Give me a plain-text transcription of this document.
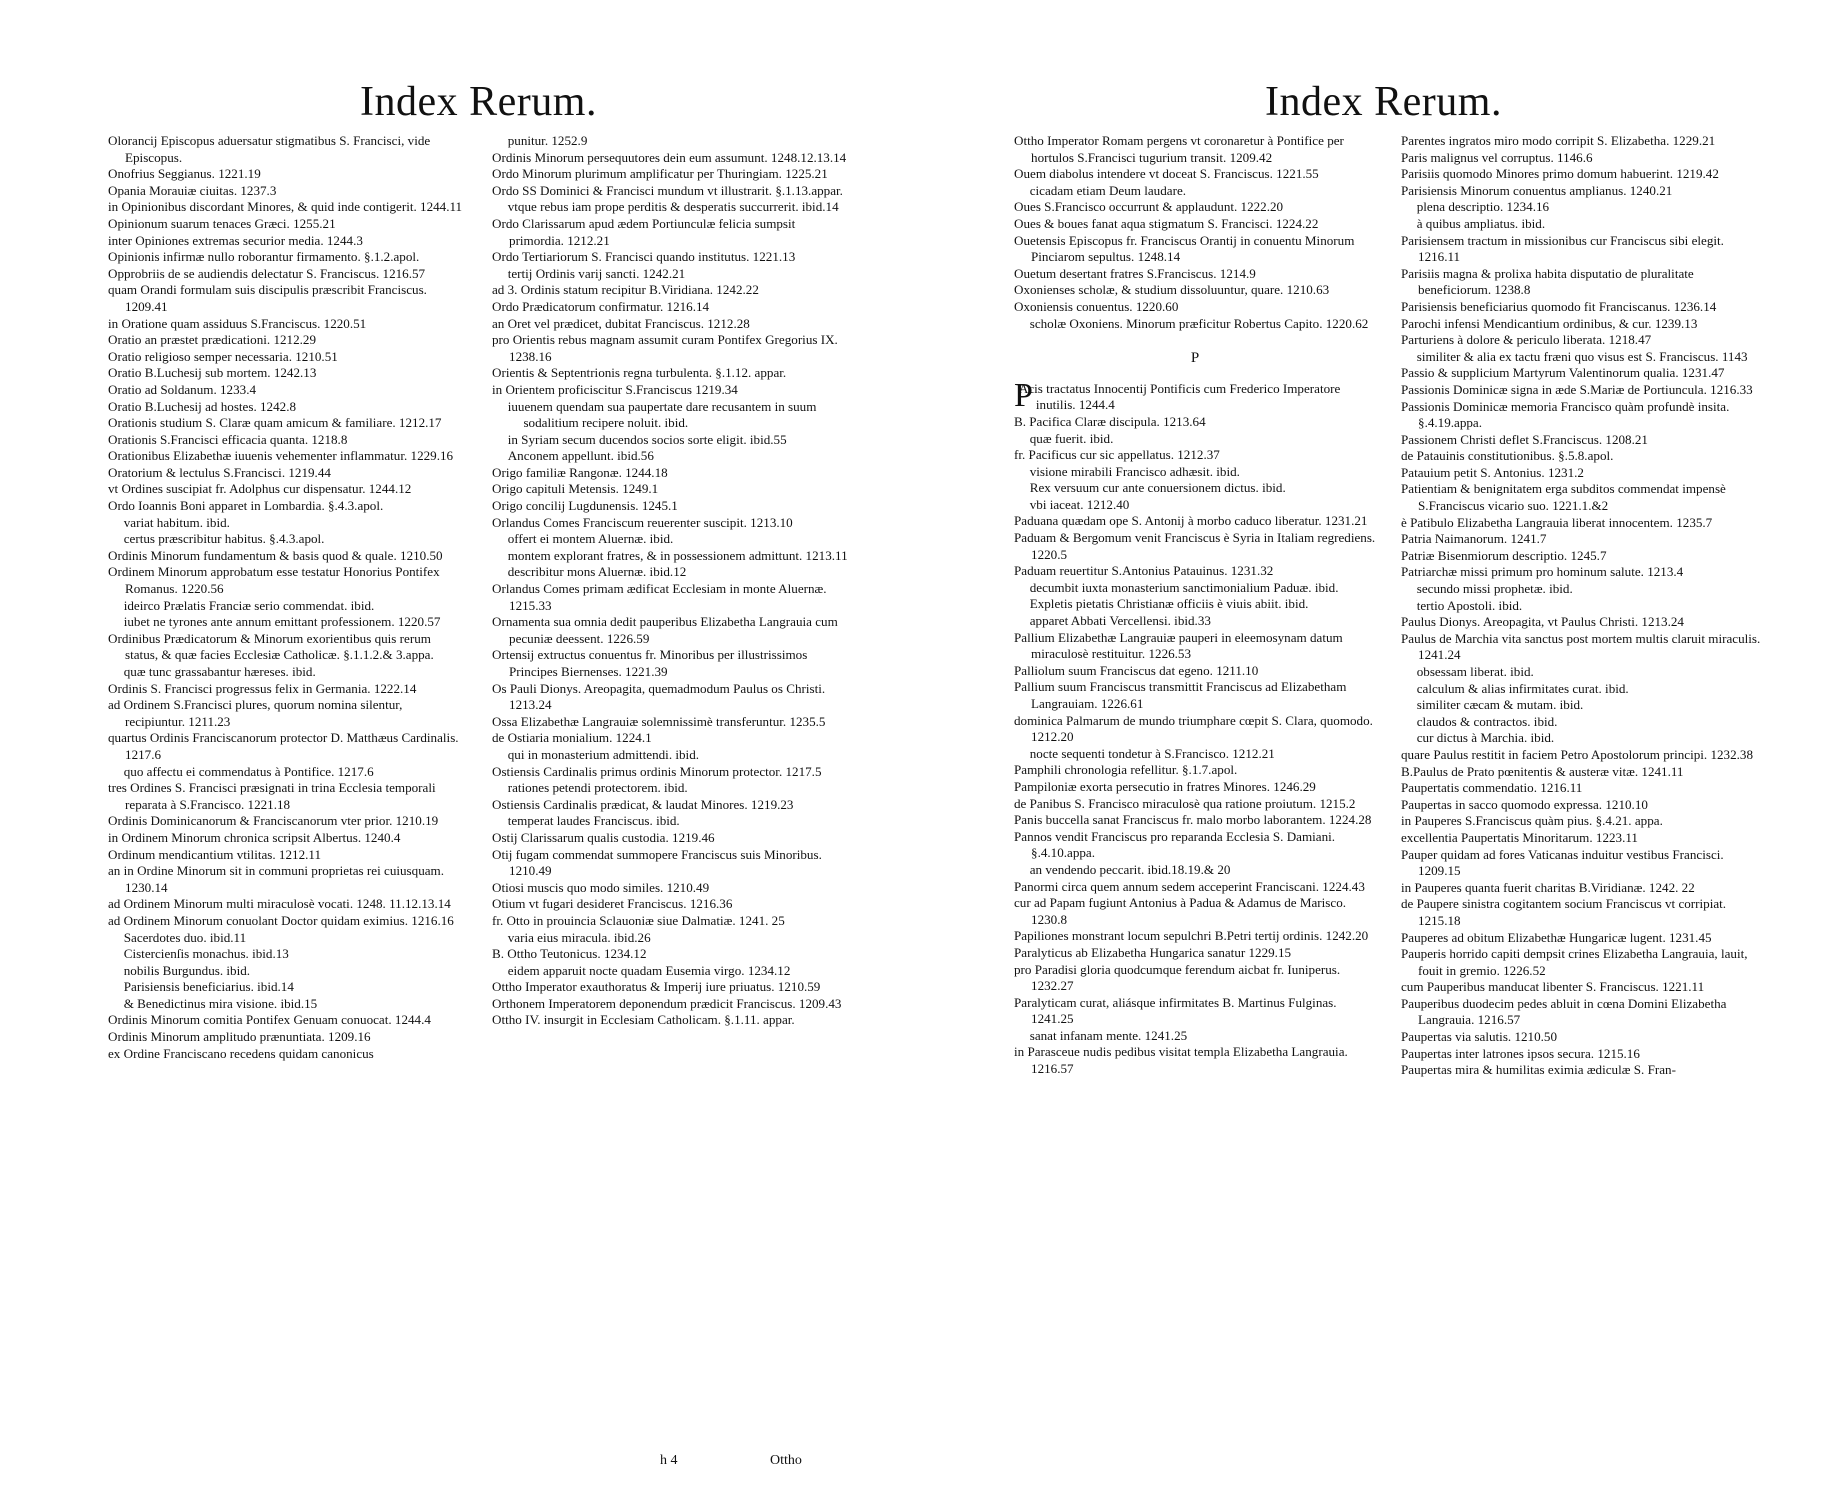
Index Rerum.

Olorancij Episcopus aduersatur stigmatibus S. Francisci, vide Episcopus.

Onofrius Seggianus. 1221.19

Opania Morauiæ ciuitas. 1237.3

in Opinionibus discordant Minores, & quid inde contigerit. 1244.11

Opinionum suarum tenaces Græci. 1255.21

inter Opiniones extremas securior media. 1244.3

Opinionis infirmæ nullo roborantur firmamento. §.1.2.apol.

Opprobriis de se audiendis delectatur S. Franciscus. 1216.57

quam Orandi formulam suis discipulis præscribit Franciscus. 1209.41

in Oratione quam assiduus S.Franciscus. 1220.51

Oratio an præstet prædicationi. 1212.29

Oratio religioso semper necessaria. 1210.51

Oratio B.Luchesij sub mortem. 1242.13

Oratio ad Soldanum. 1233.4

Oratio B.Luchesij ad hostes. 1242.8

Orationis studium S. Claræ quam amicum & familiare. 1212.17

Orationis S.Francisci efficacia quanta. 1218.8

Orationibus Elizabethæ iuuenis vehementer inflammatur. 1229.16

Oratorium & lectulus S.Francisci. 1219.44

vt Ordines suscipiat fr. Adolphus cur dispensatur. 1244.12

Ordo Ioannis Boni apparet in Lombardia. §.4.3.apol.

variat habitum. ibid.

certus præscribitur habitus. §.4.3.apol.

Ordinis Minorum fundamentum & basis quod & quale. 1210.50

Ordinem Minorum approbatum esse testatur Honorius Pontifex Romanus. 1220.56

ideirco Prælatis Franciæ serio commendat. ibid.

iubet ne tyrones ante annum emittant professionem. 1220.57

Ordinibus Prædicatorum & Minorum exorientibus quis rerum status, & quæ facies Ecclesiæ Catholicæ. §.1.1.2.& 3.appa.

quæ tunc grassabantur hæreses. ibid.

Ordinis S. Francisci progressus felix in Germania. 1222.14

ad Ordinem S.Francisci plures, quorum nomina silentur, recipiuntur. 1211.23

quartus Ordinis Franciscanorum protector D. Matthæus Cardinalis. 1217.6

quo affectu ei commendatus à Pontifice. 1217.6

tres Ordines S. Francisci præsignati in trina Ecclesia temporali reparata à S.Francisco. 1221.18

Ordinis Dominicanorum & Franciscanorum vter prior. 1210.19

in Ordinem Minorum chronica scripsit Albertus. 1240.4

Ordinum mendicantium vtilitas. 1212.11

an in Ordine Minorum sit in communi proprietas rei cuiusquam. 1230.14

ad Ordinem Minorum multi miraculosè vocati. 1248. 11.12.13.14

ad Ordinem Minorum conuolant Doctor quidam eximius. 1216.16

Sacerdotes duo. ibid.11

Cistercienſis monachus. ibid.13

nobilis Burgundus. ibid.

Parisiensis beneficiarius. ibid.14

& Benedictinus mira visione. ibid.15

Ordinis Minorum comitia Pontifex Genuam conuocat. 1244.4

Ordinis Minorum amplitudo prænuntiata. 1209.16

ex Ordine Franciscano recedens quidam canonicus

punitur. 1252.9

Ordinis Minorum persequutores dein eum assumunt. 1248.12.13.14

Ordo Minorum plurimum amplificatur per Thuringiam. 1225.21

Ordo SS Dominici & Francisci mundum vt illustrarit. §.1.13.appar.

vtque rebus iam prope perditis & desperatis succurrerit. ibid.14

Ordo Clarissarum apud ædem Portiunculæ felicia sumpsit primordia. 1212.21

Ordo Tertiariorum S. Francisci quando institutus. 1221.13

tertij Ordinis varij sancti. 1242.21

ad 3. Ordinis statum recipitur B.Viridiana. 1242.22

Ordo Prædicatorum confirmatur. 1216.14

an Oret vel prædicet, dubitat Franciscus. 1212.28

pro Orientis rebus magnam assumit curam Pontifex Gregorius IX. 1238.16

Orientis & Septentrionis regna turbulenta. §.1.12. appar.

in Orientem proficiscitur S.Franciscus 1219.34

iuuenem quendam sua paupertate dare recusantem in suum sodalitium recipere noluit. ibid.

in Syriam secum ducendos socios sorte eligit. ibid.55

Anconem appellunt. ibid.56

Origo familiæ Rangonæ. 1244.18

Origo capituli Metensis. 1249.1

Origo concilij Lugdunensis. 1245.1

Orlandus Comes Franciscum reuerenter suscipit. 1213.10

offert ei montem Aluernæ. ibid.

montem explorant fratres, & in possessionem admittunt. 1213.11

describitur mons Aluernæ. ibid.12

Orlandus Comes primam ædificat Ecclesiam in monte Aluernæ. 1215.33

Ornamenta sua omnia dedit pauperibus Elizabetha Langrauia cum pecuniæ deessent. 1226.59

Ortensij extructus conuentus fr. Minoribus per illustrissimos Principes Biernenses. 1221.39

Os Pauli Dionys. Areopagita, quemadmodum Paulus os Christi. 1213.24

Ossa Elizabethæ Langrauiæ solemnissimè transferuntur. 1235.5

de Ostiaria monialium. 1224.1

qui in monasterium admittendi. ibid.

Ostiensis Cardinalis primus ordinis Minorum protector. 1217.5

rationes petendi protectorem. ibid.

Ostiensis Cardinalis prædicat, & laudat Minores. 1219.23

temperat laudes Franciscus. ibid.

Ostij Clarissarum qualis custodia. 1219.46

Otij fugam commendat summopere Franciscus suis Minoribus. 1210.49

Otiosi muscis quo modo similes. 1210.49

Otium vt fugari desideret Franciscus. 1216.36

fr. Otto in prouincia Sclauoniæ siue Dalmatiæ. 1241. 25

varia eius miracula. ibid.26

B. Ottho Teutonicus. 1234.12

eidem apparuit nocte quadam Eusemia virgo. 1234.12

Ottho Imperator exauthoratus & Imperij iure priuatus. 1210.59

Orthonem Imperatorem deponendum prædicit Franciscus. 1209.43

Ottho IV. insurgit in Ecclesiam Catholicam. §.1.11. appar.

h 4	Ottho
Index Rerum.

Ottho Imperator Romam pergens vt coronaretur à Pontifice per hortulos S.Francisci tugurium transit. 1209.42

Ouem diabolus intendere vt doceat S. Franciscus. 1221.55

cicadam etiam Deum laudare.

Oues S.Francisco occurrunt & applaudunt. 1222.20

Oues & boues fanat aqua stigmatum S. Francisci. 1224.22

Ouetensis Episcopus fr. Franciscus Orantij in conuentu Minorum Pinciarom sepultus. 1248.14

Ouetum desertant fratres S.Franciscus. 1214.9

Oxonienses scholæ, & studium dissoluuntur, quare. 1210.63

Oxoniensis conuentus. 1220.60

scholæ Oxoniens. Minorum præficitur Robertus Capito. 1220.62

P

PAcis tractatus Innocentij Pontificis cum Frederico Imperatore inutilis. 1244.4

B. Pacifica Claræ discipula. 1213.64

quæ fuerit. ibid.

fr. Pacificus cur sic appellatus. 1212.37

visione mirabili Francisco adhæsit. ibid.

Rex versuum cur ante conuersionem dictus. ibid.

vbi iaceat. 1212.40

Paduana quædam ope S. Antonij à morbo caduco liberatur. 1231.21

Paduam & Bergomum venit Franciscus è Syria in Italiam regrediens. 1220.5

Paduam reuertitur S.Antonius Patauinus. 1231.32

decumbit iuxta monasterium sanctimonialium Paduæ. ibid.

Expletis pietatis Christianæ officiis è viuis abiit. ibid.

apparet Abbati Vercellensi. ibid.33

Pallium Elizabethæ Langrauiæ pauperi in eleemosynam datum miraculosè restituitur. 1226.53

Palliolum suum Franciscus dat egeno. 1211.10

Pallium suum Franciscus transmittit Franciscus ad Elizabetham Langrauiam. 1226.61

dominica Palmarum de mundo triumphare cœpit S. Clara, quomodo. 1212.20

nocte sequenti tondetur à S.Francisco. 1212.21

Pamphili chronologia refellitur. §.1.7.apol.

Pampiloniæ exorta persecutio in fratres Minores. 1246.29

de Panibus S. Francisco miraculosè qua ratione proiutum. 1215.2

Panis buccella sanat Franciscus fr. malo morbo laborantem. 1224.28

Pannos vendit Franciscus pro reparanda Ecclesia S. Damiani. §.4.10.appa.

an vendendo peccarit. ibid.18.19.& 20

Panormi circa quem annum sedem acceperint Franciscani. 1224.43

cur ad Papam fugiunt Antonius à Padua & Adamus de Marisco. 1230.8

Papiliones monstrant locum sepulchri B.Petri tertij ordinis. 1242.20

Paralyticus ab Elizabetha Hungarica sanatur 1229.15

pro Paradisi gloria quodcumque ferendum aicbat fr. Iuniperus. 1232.27

Paralyticam curat, aliásque infirmitates B. Martinus Fulginas. 1241.25

sanat infanam mente. 1241.25

in Parasceue nudis pedibus visitat templa Elizabetha Langrauia. 1216.57

Parentes ingratos miro modo corripit S. Elizabetha. 1229.21

Paris malignus vel corruptus. 1146.6

Parisiis quomodo Minores primo domum habuerint. 1219.42

Parisiensis Minorum conuentus amplianus. 1240.21

plena descriptio. 1234.16

à quibus ampliatus. ibid.

Parisiensem tractum in missionibus cur Franciscus sibi elegit. 1216.11

Parisiis magna & prolixa habita disputatio de pluralitate beneficiorum. 1238.8

Parisiensis beneficiarius quomodo fit Franciscanus. 1236.14

Parochi infensi Mendicantium ordinibus, & cur. 1239.13

Parturiens à dolore & periculo liberata. 1218.47

similiter & alia ex tactu fræni quo visus est S. Franciscus. 1143

Passio & supplicium Martyrum Valentinorum qualia. 1231.47

Passionis Dominicæ signa in æde S.Mariæ de Portiuncula. 1216.33

Passionis Dominicæ memoria Francisco quàm profundè insita. §.4.19.appa.

Passionem Christi deflet S.Franciscus. 1208.21

de Patauinis constitutionibus. §.5.8.apol.

Patauium petit S. Antonius. 1231.2

Patientiam & benignitatem erga subditos commendat impensè S.Franciscus vicario suo. 1221.1.&2

è Patibulo Elizabetha Langrauia liberat innocentem. 1235.7

Patria Naimanorum. 1241.7

Patriæ Bisenmiorum descriptio. 1245.7

Patriarchæ missi primum pro hominum salute. 1213.4

secundo missi prophetæ. ibid.

tertio Apostoli. ibid.

Paulus Dionys. Areopagita, vt Paulus Christi. 1213.24

Paulus de Marchia vita sanctus post mortem multis claruit miraculis. 1241.24

obsessam liberat. ibid.

calculum & alias infirmitates curat. ibid.

similiter cæcam & mutam. ibid.

claudos & contractos. ibid.

cur dictus à Marchia. ibid.

quare Paulus restitit in faciem Petro Apostolorum principi. 1232.38

B.Paulus de Prato pœnitentis & austeræ vitæ. 1241.11

Paupertatis commendatio. 1216.11

Paupertas in sacco quomodo expressa. 1210.10

in Pauperes S.Franciscus quàm pius. §.4.21. appa.

excellentia Paupertatis Minoritarum. 1223.11

Pauper quidam ad fores Vaticanas induitur vestibus Francisci. 1209.15

in Pauperes quanta fuerit charitas B.Viridianæ. 1242. 22

de Paupere sinistra cogitantem socium Franciscus vt corripiat. 1215.18

Pauperes ad obitum Elizabethæ Hungaricæ lugent. 1231.45

Pauperis horrido capiti dempsit crines Elizabetha Langrauia, lauit, fouit in gremio. 1226.52

cum Pauperibus manducat libenter S. Franciscus. 1221.11

Pauperibus duodecim pedes abluit in cœna Domini Elizabetha Langrauia. 1216.57

Paupertas via salutis. 1210.50

Paupertas inter latrones ipsos secura. 1215.16

Paupertas mira & humilitas eximia ædiculæ S. Fran-
